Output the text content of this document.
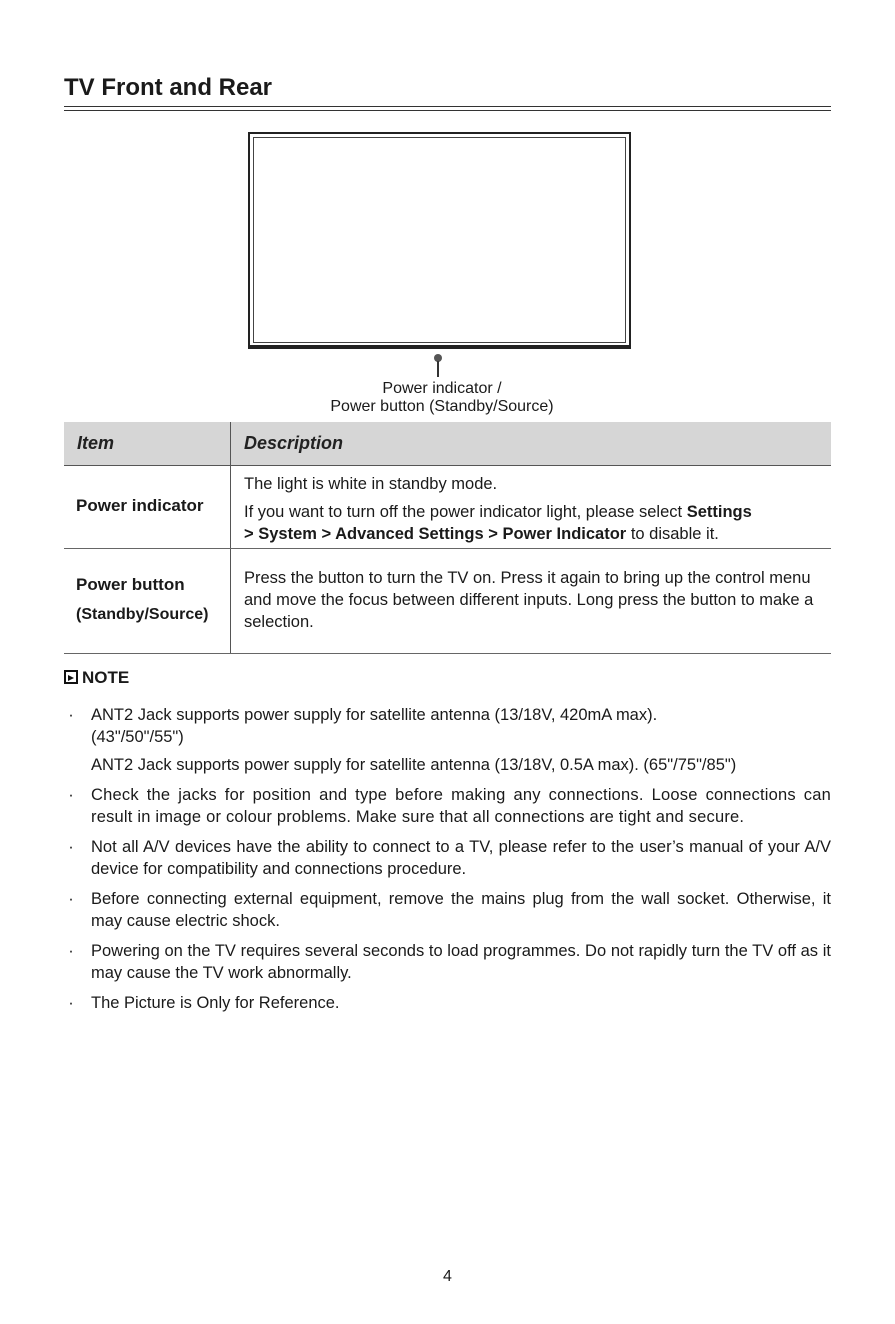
TV Front and Rear
Power indicator /
Power button (Standby/Source)
Item	Description
Power indicator

The light is white in standby mode.

If you want to turn off the power indicator light, please select Settings
> System > Advanced Settings > Power Indicator to disable it.

Power button
(Standby/Source)

Press the button to turn the TV on. Press it again to bring up the control menu and move the focus between different inputs. Long press the button to make a selection.

NOTE
· ANT2 Jack supports power supply for satellite antenna (13/18V, 420mA max).
(43"/50"/55")

ANT2 Jack supports power supply for satellite antenna (13/18V, 0.5A max). (65"/75"/85")

· Check the jacks for position and type before making any connections. Loose connections can result in image or colour problems. Make sure that all connections are tight and secure.

· Not all A/V devices have the ability to connect to a TV, please refer to the user’s manual of your A/V device for compatibility and connections procedure.

· Before connecting external equipment, remove the mains plug from the wall socket. Otherwise, it may cause electric shock.

· Powering on the TV requires several seconds to load programmes. Do not rapidly turn the TV off as it may cause the TV work abnormally.

· The Picture is Only for Reference.

4
